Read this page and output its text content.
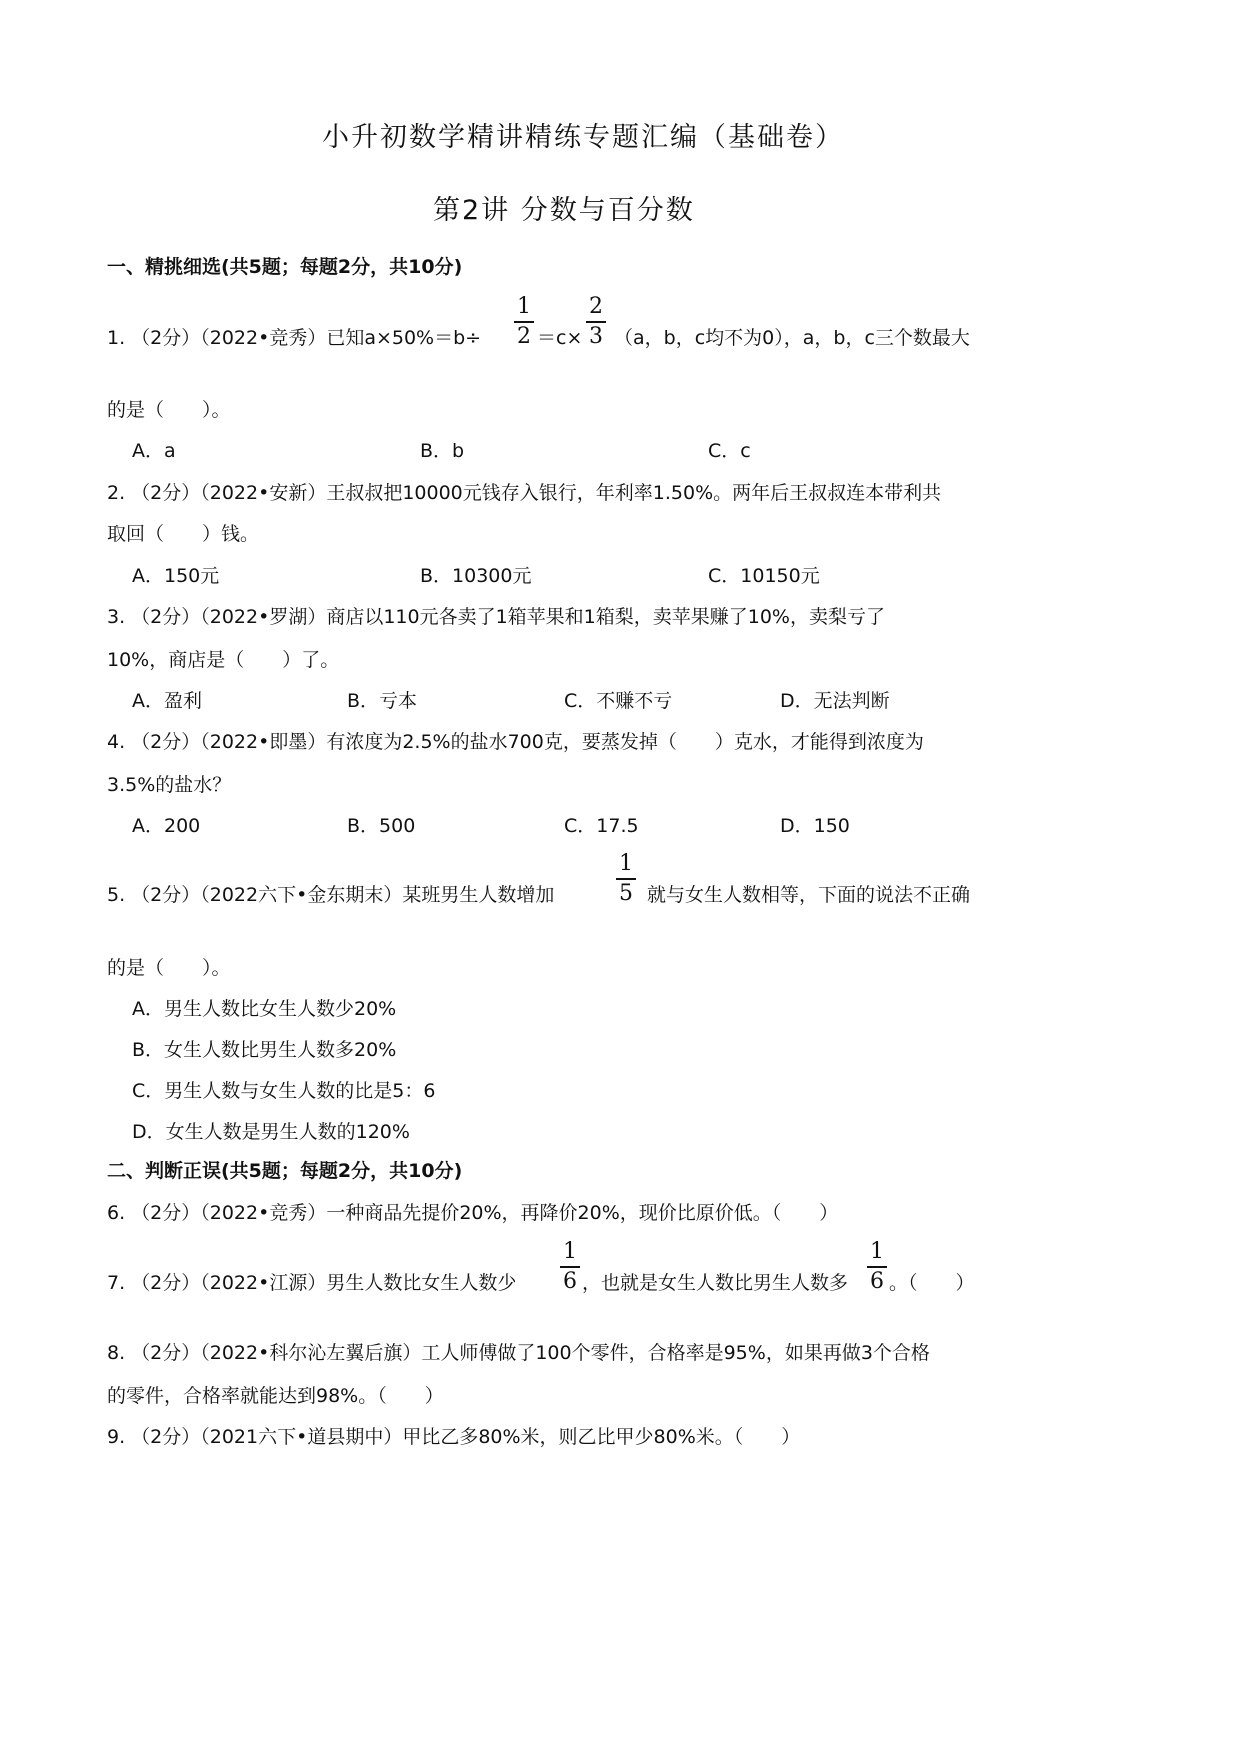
小升初数学精讲精练专题汇编（基础卷）
第2讲 分数与百分数
一、精挑细选(共5题；每题2分，共10分)
1. （2分）（2022•竞秀）已知a×50%＝b÷
1
2 ＝c×
2
3 （a，b，c均不为0），a，b，c三个数最大
的是（　　）。
A．a	B．b	C．c
2. （2分）（2022•安新）王叔叔把10000元钱存入银行，年利率1.50%。两年后王叔叔连本带利共
取回（　　）钱。
A．150元	B．10300元	C．10150元
3. （2分）（2022•罗湖）商店以110元各卖了1箱苹果和1箱梨，卖苹果赚了10%，卖梨亏了
10%，商店是（　　）了。
A．盈利	B．亏本	C．不赚不亏	D．无法判断
4. （2分）（2022•即墨）有浓度为2.5%的盐水700克，要蒸发掉（　　）克水，才能得到浓度为
3.5%的盐水？
A．200	B．500	C．17.5	D．150
5. （2分）（2022六下•金东期末）某班男生人数增加
1
5 就与女生人数相等，下面的说法不正确
的是（　　）。
A．男生人数比女生人数少20%
B．女生人数比男生人数多20%
C．男生人数与女生人数的比是5：6
D．女生人数是男生人数的120%
二、判断正误(共5题；每题2分，共10分)
6. （2分）（2022•竞秀）一种商品先提价20%，再降价20%，现价比原价低。（　　）
7. （2分）（2022•江源）男生人数比女生人数少
1
6 ，也就是女生人数比男生人数多
1
6 。（　　）
8. （2分）（2022•科尔沁左翼后旗）工人师傅做了100个零件，合格率是95%，如果再做3个合格
的零件，合格率就能达到98%。（　　）
9. （2分）（2021六下•道县期中）甲比乙多80%米，则乙比甲少80%米。（　　）
